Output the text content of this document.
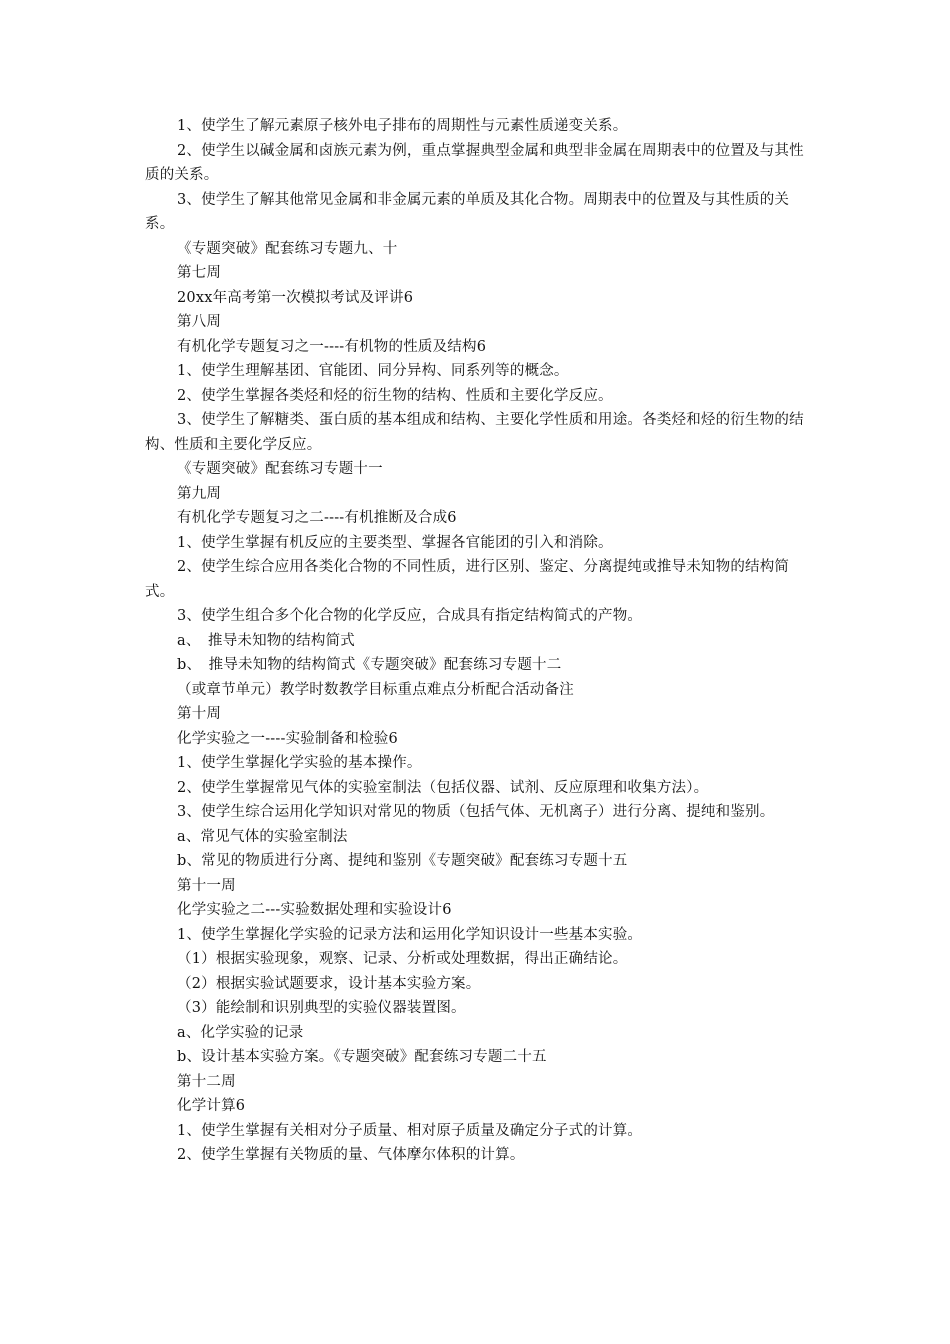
1、使学生了解元素原子核外电子排布的周期性与元素性质递变关系。

2、使学生以碱金属和卤族元素为例，重点掌握典型金属和典型非金属在周期表中的位置及与其性质的关系。

3、使学生了解其他常见金属和非金属元素的单质及其化合物。周期表中的位置及与其性质的关系。

《专题突破》配套练习专题九、十

第七周

20xx年高考第一次模拟考试及评讲6

第八周

有机化学专题复习之一----有机物的性质及结构6

1、使学生理解基团、官能团、同分异构、同系列等的概念。

2、使学生掌握各类烃和烃的衍生物的结构、性质和主要化学反应。

3、使学生了解糖类、蛋白质的基本组成和结构、主要化学性质和用途。各类烃和烃的衍生物的结构、性质和主要化学反应。

《专题突破》配套练习专题十一

第九周

有机化学专题复习之二----有机推断及合成6

1、使学生掌握有机反应的主要类型、掌握各官能团的引入和消除。

2、使学生综合应用各类化合物的不同性质，进行区别、鉴定、分离提纯或推导未知物的结构简式。

3、使学生组合多个化合物的化学反应，合成具有指定结构简式的产物。

a、　推导未知物的结构简式

b、　推导未知物的结构简式《专题突破》配套练习专题十二

（或章节单元）教学时数教学目标重点难点分析配合活动备注

第十周

化学实验之一----实验制备和检验6

1、使学生掌握化学实验的基本操作。

2、使学生掌握常见气体的实验室制法（包括仪器、试剂、反应原理和收集方法）。

3、使学生综合运用化学知识对常见的物质（包括气体、无机离子）进行分离、提纯和鉴别。

a、常见气体的实验室制法

b、常见的物质进行分离、提纯和鉴别《专题突破》配套练习专题十五

第十一周

化学实验之二---实验数据处理和实验设计6

1、使学生掌握化学实验的记录方法和运用化学知识设计一些基本实验。

（1）根据实验现象，观察、记录、分析或处理数据，得出正确结论。

（2）根据实验试题要求，设计基本实验方案。

（3）能绘制和识别典型的实验仪器装置图。

a、化学实验的记录

b、设计基本实验方案。《专题突破》配套练习专题二十五

第十二周

化学计算6

1、使学生掌握有关相对分子质量、相对原子质量及确定分子式的计算。

2、使学生掌握有关物质的量、气体摩尔体积的计算。
